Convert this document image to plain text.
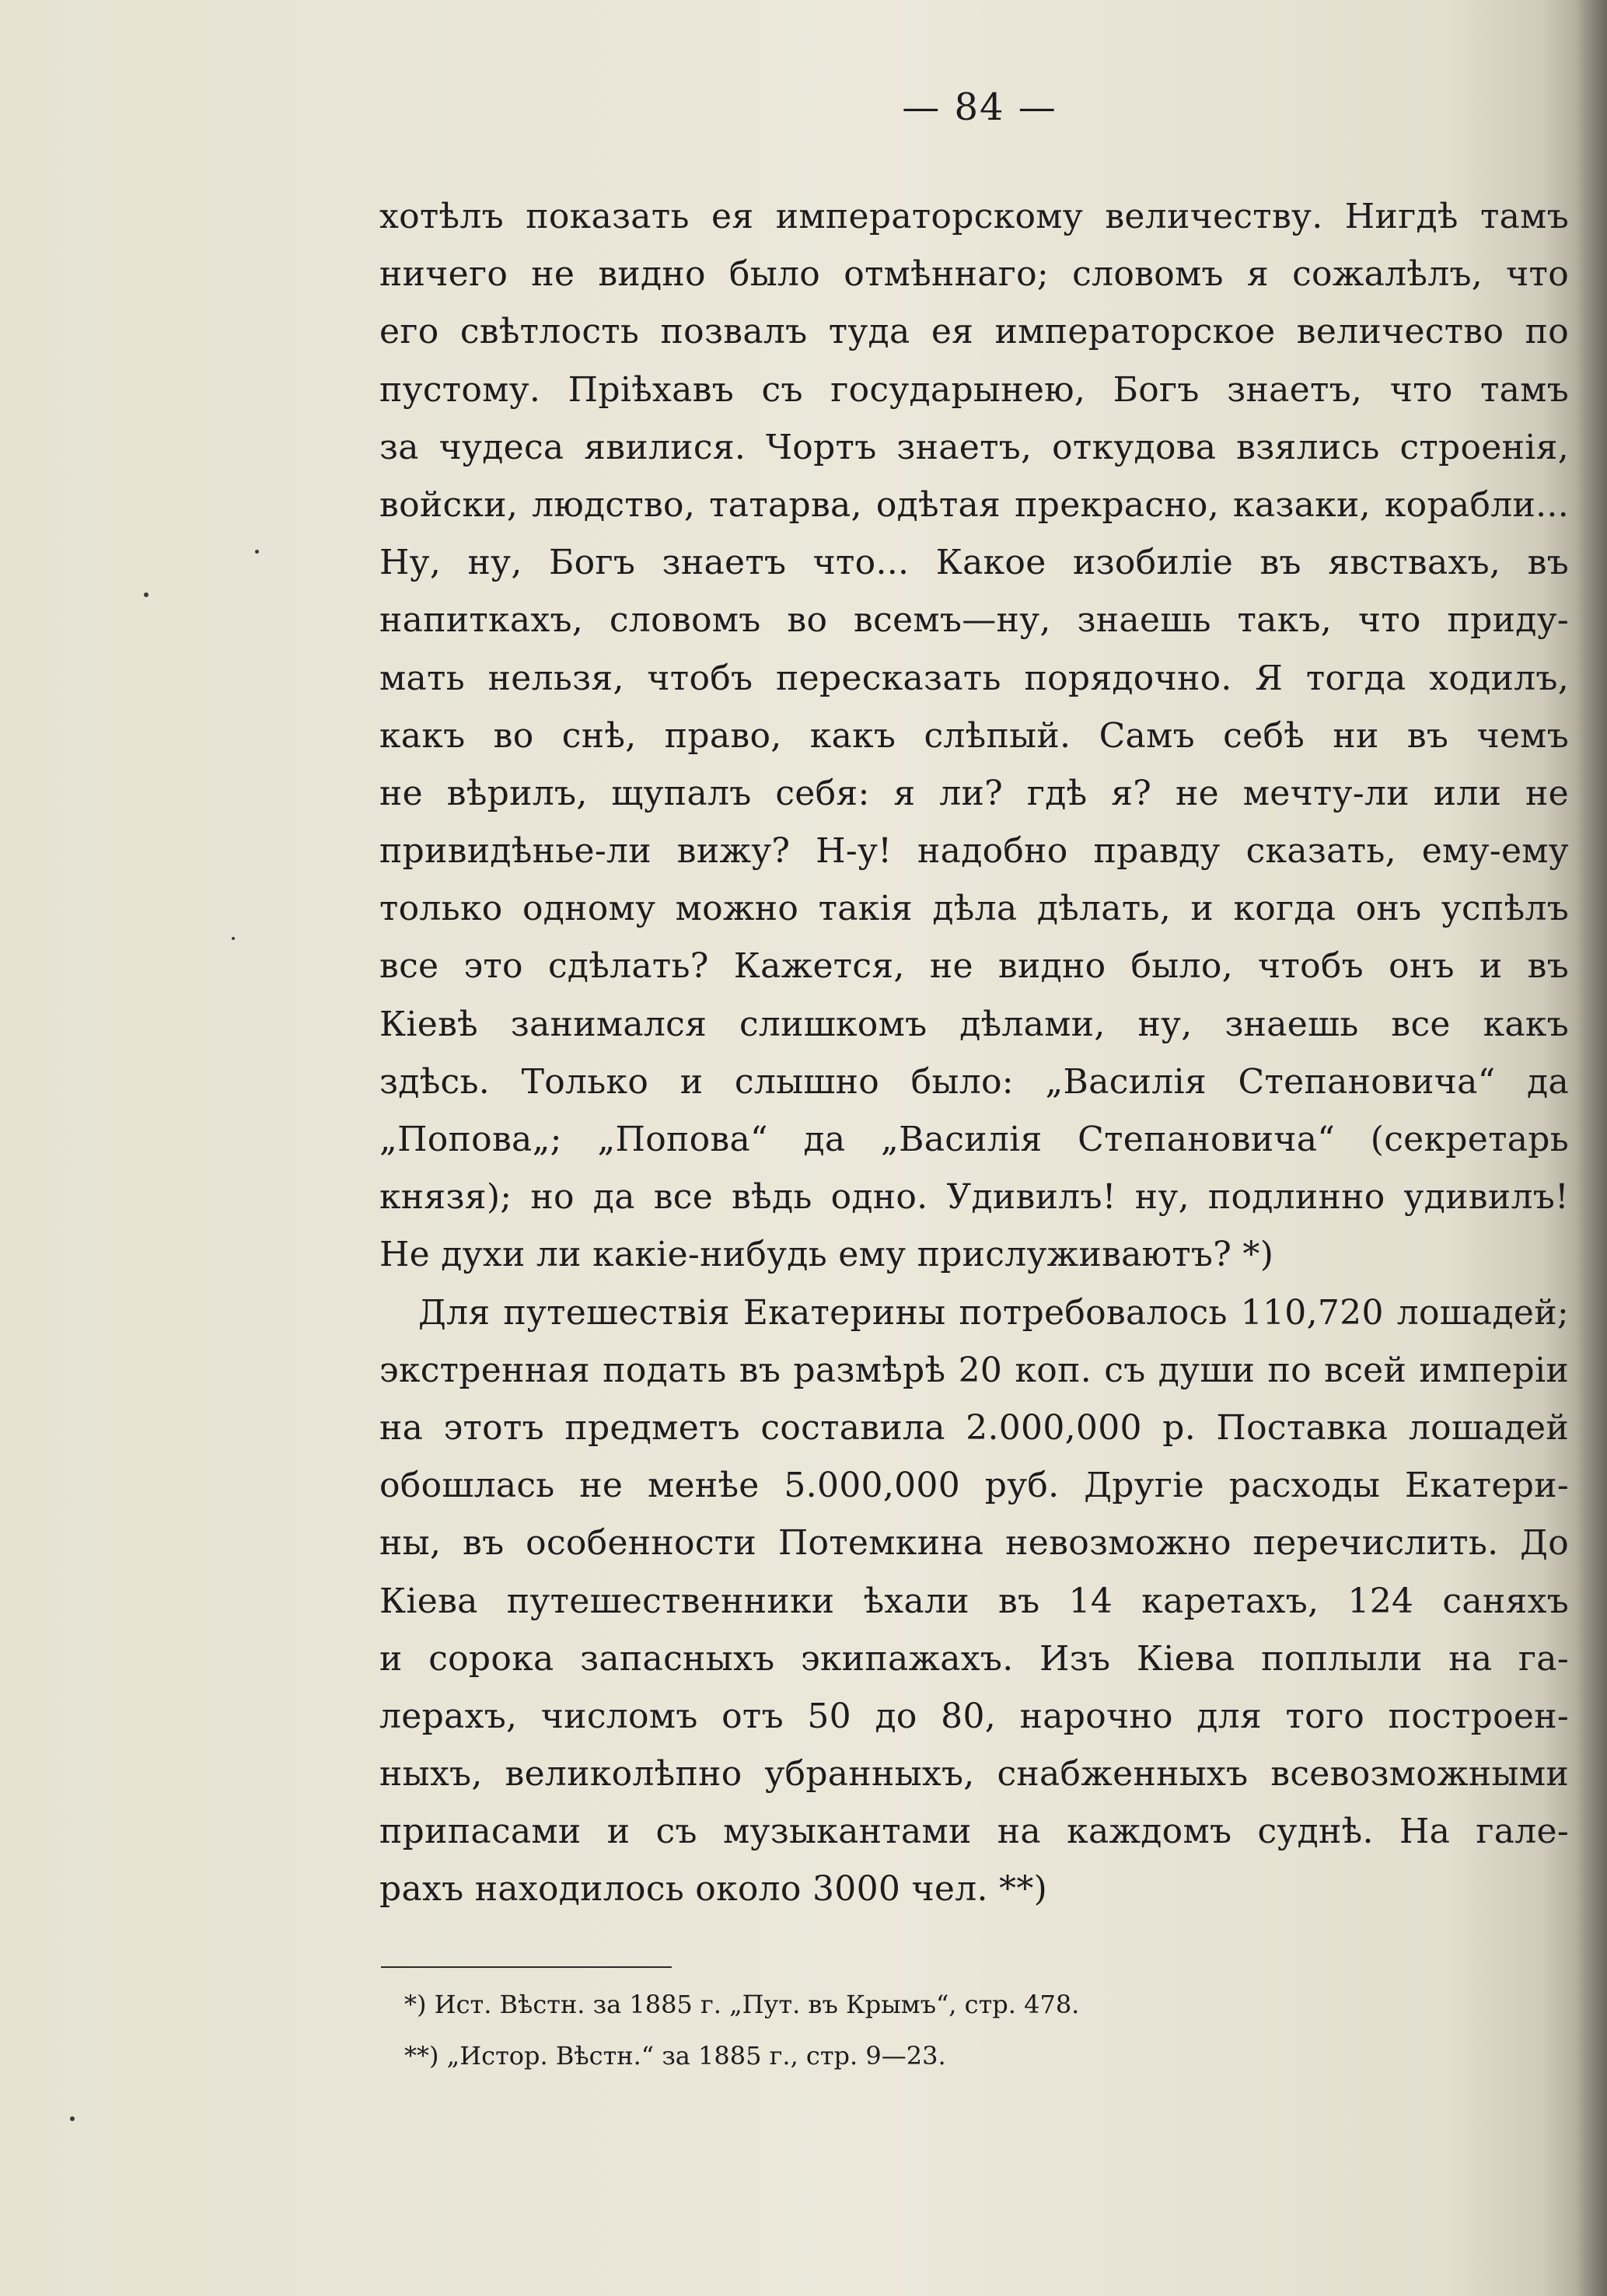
— 84 —
хотѣлъ показать ея императорскому величеству. Нигдѣ тамъ
ничего не видно было отмѣннаго; словомъ я сожалѣлъ, что
его свѣтлость позвалъ туда ея императорское величество по
пустому. Пріѣхавъ съ государынею, Богъ знаетъ, что тамъ
за чудеса явилися. Чортъ знаетъ, откудова взялись строенія,
войски, людство, татарва, одѣтая прекрасно, казаки, корабли...
Ну, ну, Богъ знаетъ что... Какое изобиліе въ явствахъ, въ
напиткахъ, словомъ во всемъ—ну, знаешь такъ, что приду-
мать нельзя, чтобъ пересказать порядочно. Я тогда ходилъ,
какъ во снѣ, право, какъ слѣпый. Самъ себѣ ни въ чемъ
не вѣрилъ, щупалъ себя: я ли? гдѣ я? не мечту-ли или не
привидѣнье-ли вижу? Н-у! надобно правду сказать, ему-ему
только одному можно такія дѣла дѣлать, и когда онъ успѣлъ
все это сдѣлать? Кажется, не видно было, чтобъ онъ и въ
Кіевѣ занимался слишкомъ дѣлами, ну, знаешь все какъ
здѣсь. Только и слышно было: „Василія Степановича“ да
„Попова„; „Попова“ да „Василія Степановича“ (секретарь
князя); но да все вѣдь одно. Удивилъ! ну, подлинно удивилъ!
Не духи ли какіе-нибудь ему прислуживаютъ? *)
Для путешествія Екатерины потребовалось 110,720 лошадей;
экстренная подать въ размѣрѣ 20 коп. съ души по всей имперіи
на этотъ предметъ составила 2.000,000 р. Поставка лошадей
обошлась не менѣе 5.000,000 руб. Другіе расходы Екатери-
ны, въ особенности Потемкина невозможно перечислить. До
Кіева путешественники ѣхали въ 14 каретахъ, 124 саняхъ
и сорока запасныхъ экипажахъ. Изъ Кіева поплыли на га-
лерахъ, числомъ отъ 50 до 80, нарочно для того построен-
ныхъ, великолѣпно убранныхъ, снабженныхъ всевозможными
припасами и съ музыкантами на каждомъ суднѣ. На гале-
рахъ находилось около 3000 чел. **)
*) Ист. Вѣстн. за 1885 г. „Пут. въ Крымъ“, стр. 478.
**) „Истор. Вѣстн.“ за 1885 г., стр. 9—23.
